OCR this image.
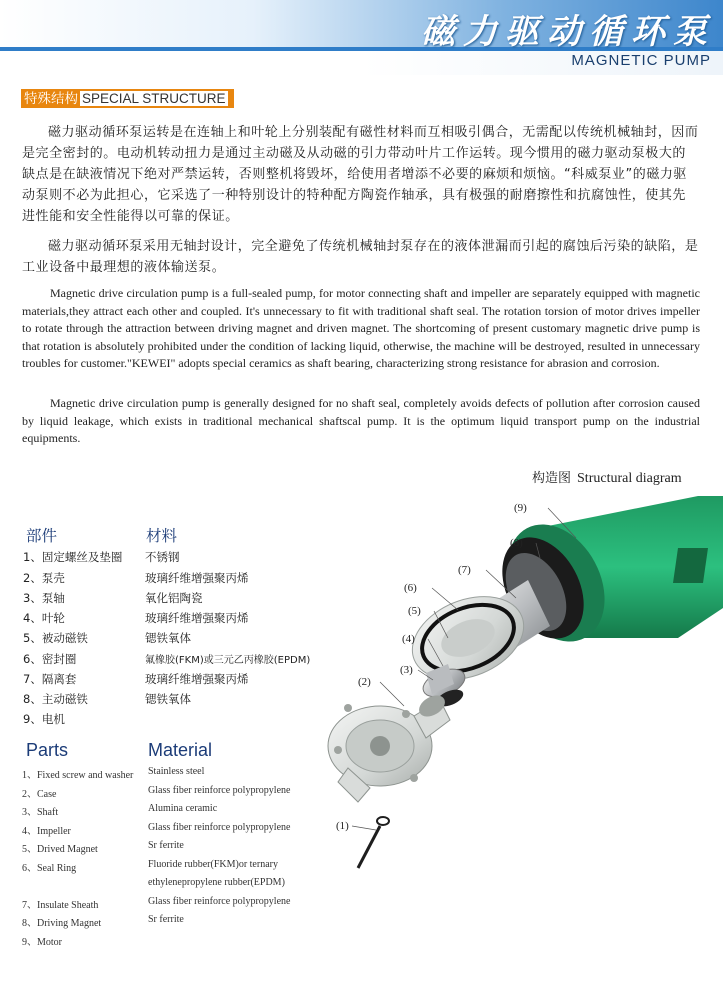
磁力驱动循环泵
MAGNETIC PUMP
特殊结构 SPECIAL STRUCTURE

磁力驱动循环泵运转是在连轴上和叶轮上分别装配有磁性材料而互相吸引偶合，无需配以传统机械轴封，因而是完全密封的。电动机转动扭力是通过主动磁及从动磁的引力带动叶片工作运转。现今惯用的磁力驱动泵极大的缺点是在缺液情况下绝对严禁运转，否则整机将毁坏，给使用者增添不必要的麻烦和烦恼。“科威泵业”的磁力驱动泵则不必为此担心，它采选了一种特别设计的特种配方陶瓷作轴承，具有极强的耐磨擦性和抗腐蚀性，使其先进性能和安全性能得以可靠的保证。

磁力驱动循环泵采用无轴封设计，完全避免了传统机械轴封泵存在的液体泄漏而引起的腐蚀后污染的缺陷，是工业设备中最理想的液体输送泵。

Magnetic drive circulation pump is a full-sealed pump, for motor connecting shaft and impeller are separately equipped with magnetic materials,they attract each other and coupled. It's unnecessary to fit with traditional shaft seal. The rotation torsion of motor drives impeller to rotate through the attraction between driving magnet and driven magnet. The shortcoming of present customary magnetic drive pump is that rotation is absolutely prohibited under the condition of lacking liquid, otherwise, the machine will be destroyed, resulted in unnecessary troubles for customer."KEWEI" adopts special ceramics as shaft bearing, characterizing strong resistance for abrasion and corrosion.

Magnetic drive circulation pump is generally designed for no shaft seal, completely avoids defects of pollution after corrosion caused by liquid leakage, which exists in traditional mechanical shaftscal pump. It is the optimum liquid transport pump on the industrial equipments.

构造图 Structural diagram
部件	材料
1、固定螺丝及垫圈 不锈钢
2、泵壳	玻璃纤维增强聚丙烯
3、泵轴	氧化铝陶瓷
4、叶轮	玻璃纤维增强聚丙烯
5、被动磁铁	锶铁氧体
6、密封圈	氟橡胶(FKM)或三元乙丙橡胶(EPDM)
7、隔离套	玻璃纤维增强聚丙烯
8、主动磁铁	锶铁氧体
9、电机
Parts	Material
1、Fixed screw and washer Stainless steel
2、Case	Glass fiber reinforce polypropylene
3、Shaft	Alumina ceramic
4、Impeller	Glass fiber reinforce polypropylene
5、Drived Magnet	Sr ferrite
6、Seal Ring	Fluoride rubber(FKM)or ternary
ethylenepropylene rubber(EPDM)
7、Insulate Sheath	Glass fiber reinforce polypropylene
8、Driving Magnet	Sr ferrite
9、Motor
(9)
(8)
(7)
(6)
(5)
(4)
(3)
(2)
(1)
